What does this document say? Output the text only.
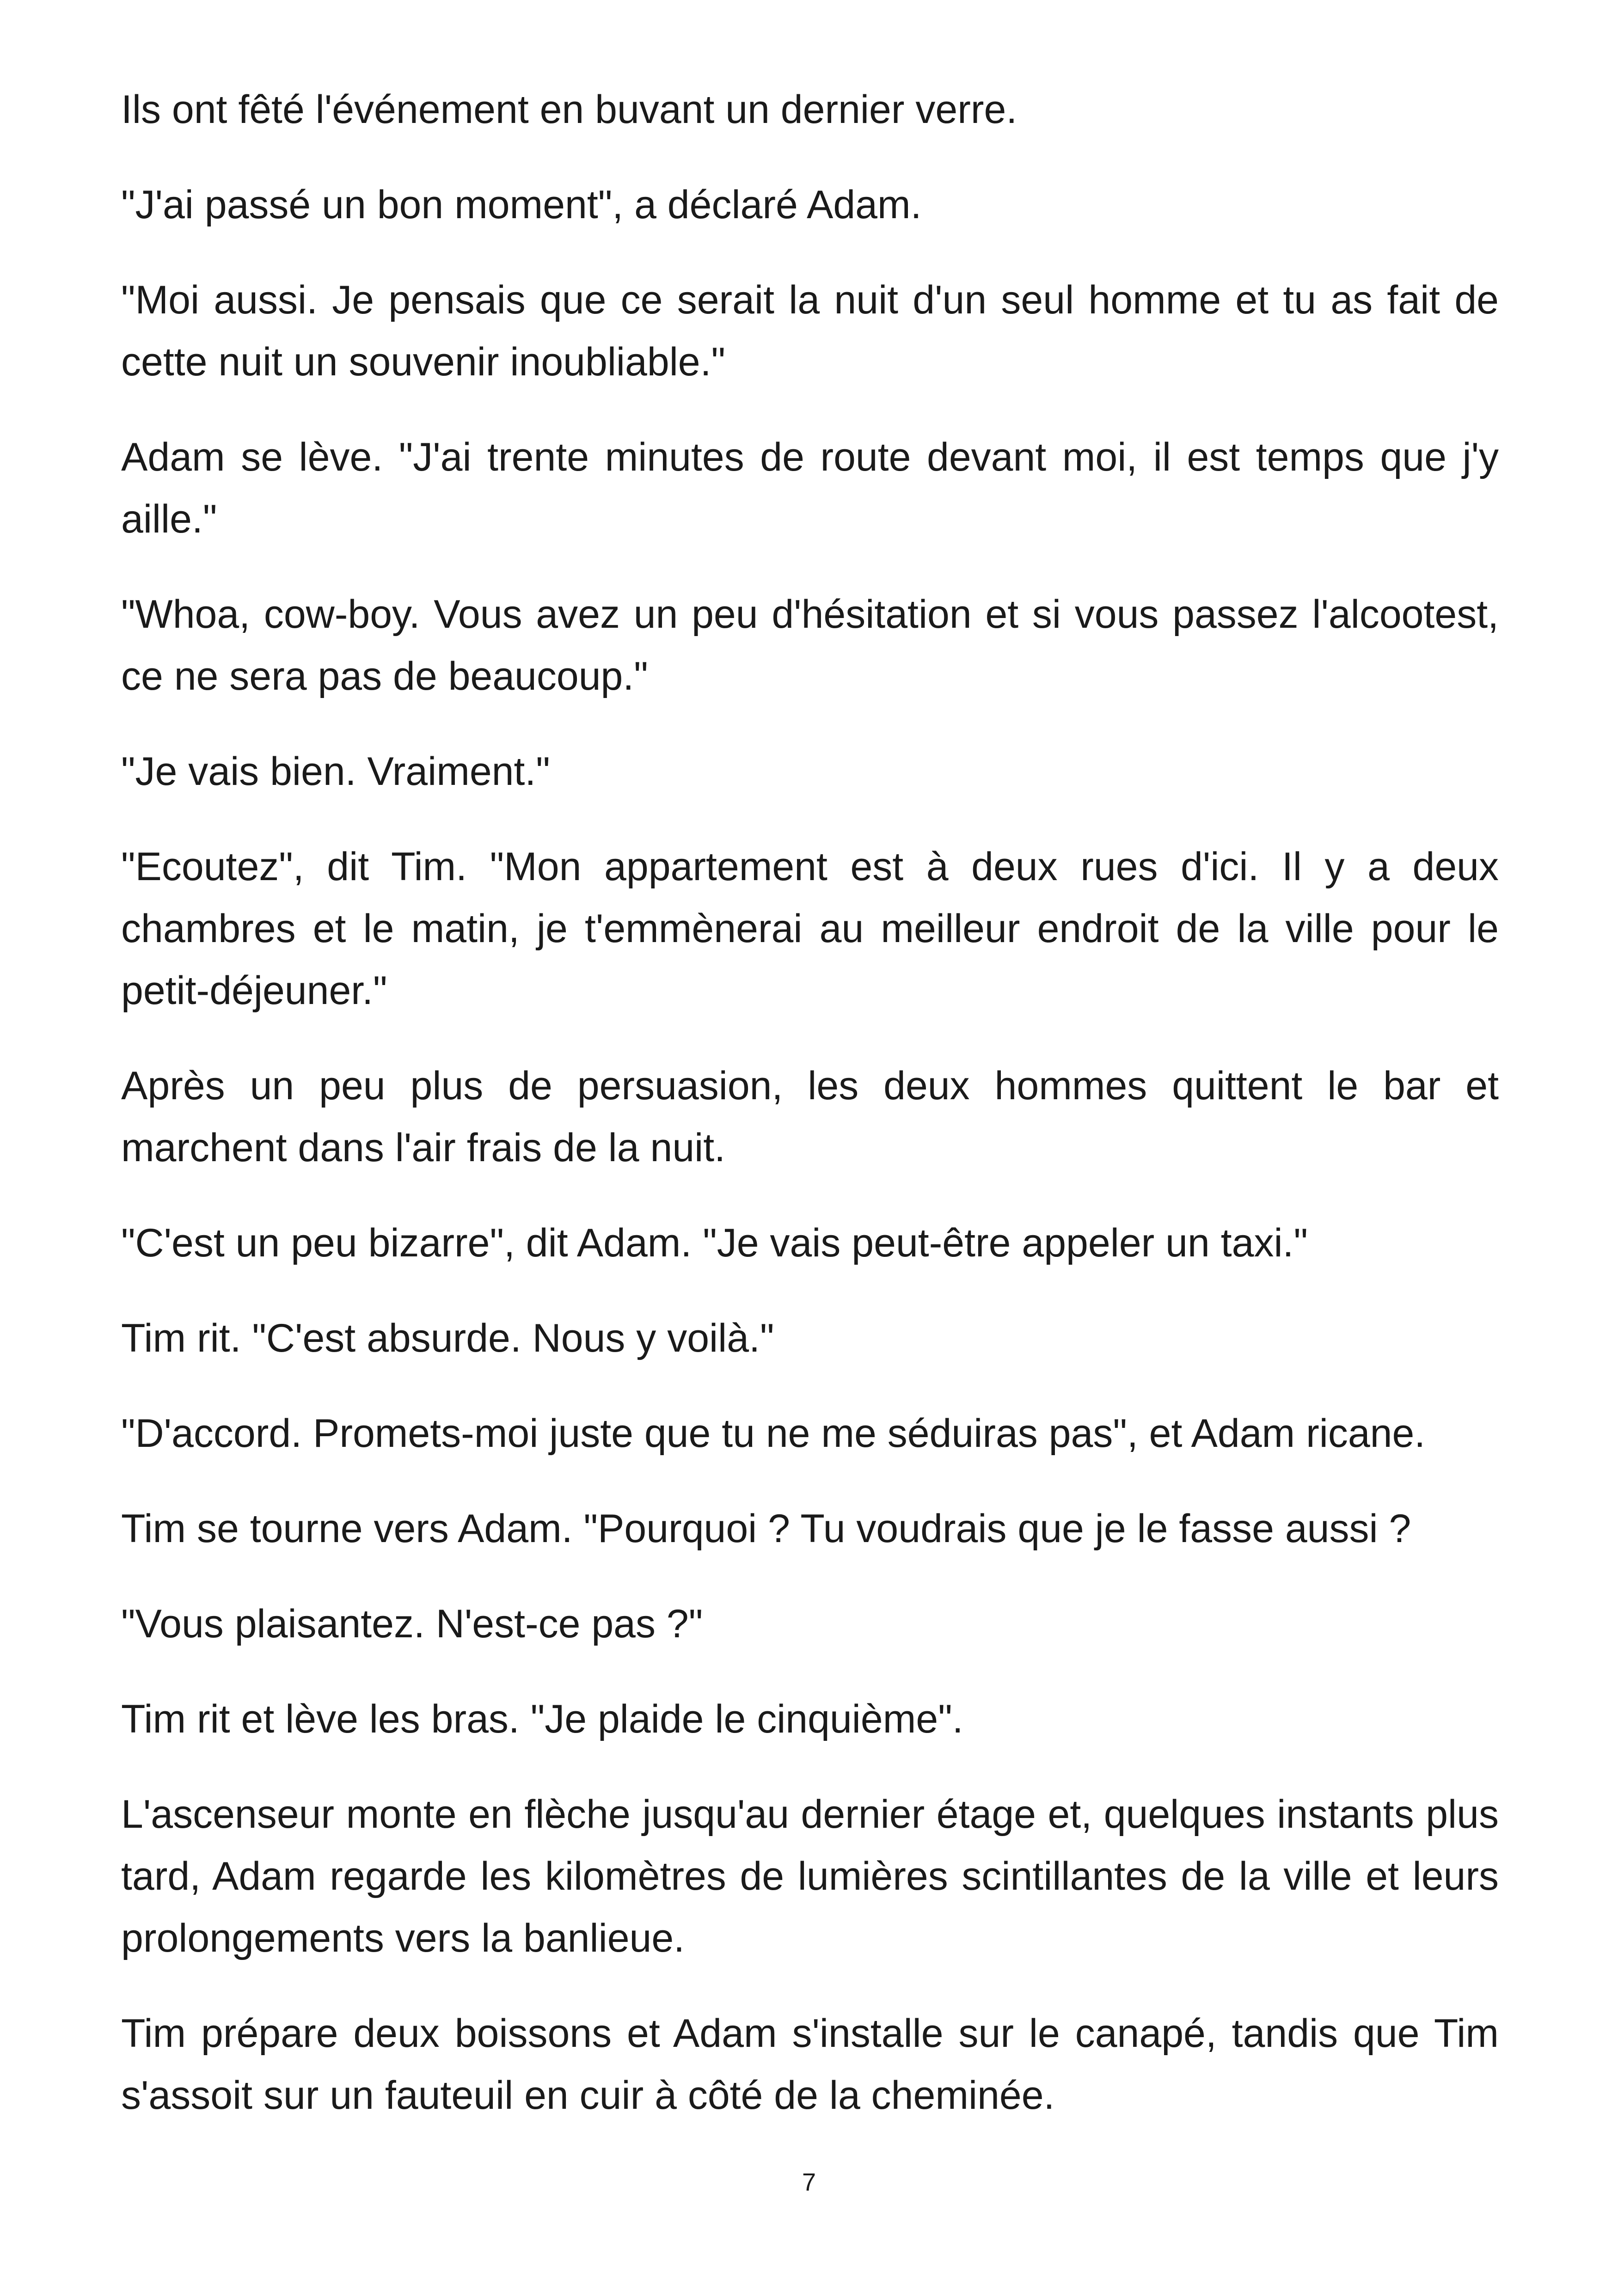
Ils ont fêté l'événement en buvant un dernier verre.

"J'ai passé un bon moment", a déclaré Adam.

"Moi aussi. Je pensais que ce serait la nuit d'un seul homme et tu as fait de cette nuit un souvenir inoubliable."

Adam se lève. "J'ai trente minutes de route devant moi, il est temps que j'y aille."

"Whoa, cow-boy. Vous avez un peu d'hésitation et si vous passez l'alcootest, ce ne sera pas de beaucoup."

"Je vais bien. Vraiment."

"Ecoutez", dit Tim. "Mon appartement est à deux rues d'ici. Il y a deux chambres et le matin, je t'emmènerai au meilleur endroit de la ville pour le petit-déjeuner."

Après un peu plus de persuasion, les deux hommes quittent le bar et marchent dans l'air frais de la nuit.

"C'est un peu bizarre", dit Adam. "Je vais peut-être appeler un taxi."

Tim rit. "C'est absurde. Nous y voilà."

"D'accord. Promets-moi juste que tu ne me séduiras pas", et Adam ricane.

Tim se tourne vers Adam. "Pourquoi ? Tu voudrais que je le fasse aussi ?

"Vous plaisantez. N'est-ce pas ?"

Tim rit et lève les bras. "Je plaide le cinquième".

L'ascenseur monte en flèche jusqu'au dernier étage et, quelques instants plus tard, Adam regarde les kilomètres de lumières scintillantes de la ville et leurs prolongements vers la banlieue.

Tim prépare deux boissons et Adam s'installe sur le canapé, tandis que Tim s'assoit sur un fauteuil en cuir à côté de la cheminée.

7
